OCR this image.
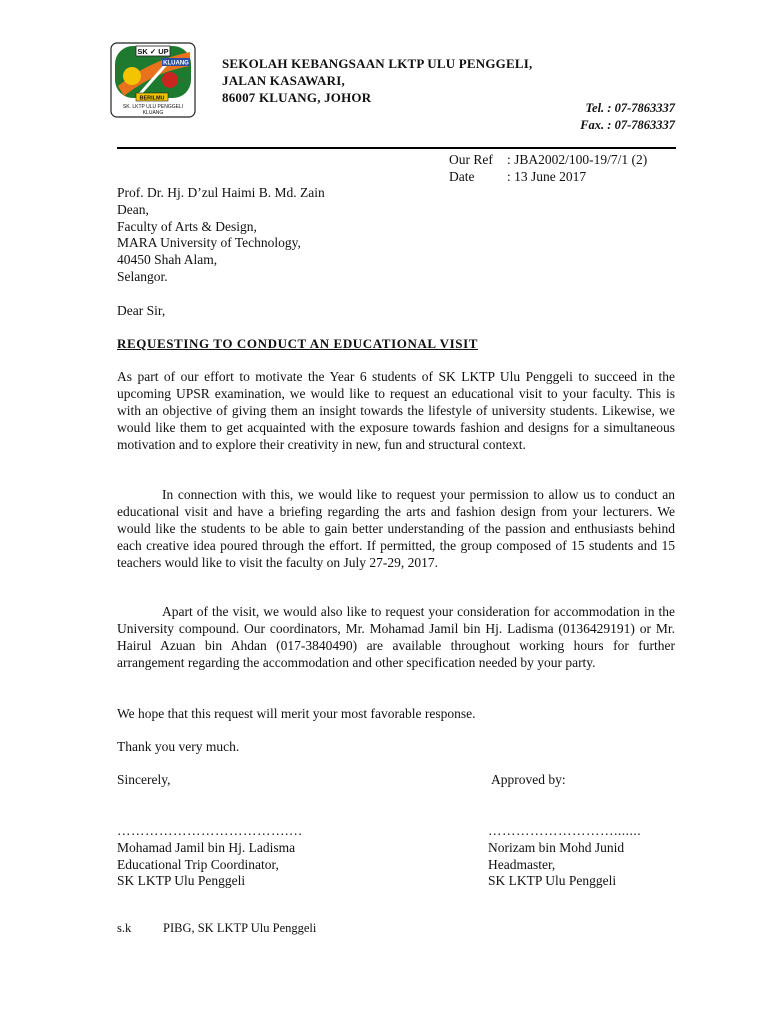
SK ✓ UP
KLUANG
BERILMU
SK. LKTP ULU PENGGELI
KLUANG
SEKOLAH KEBANGSAAN LKTP ULU PENGGELI,
JALAN KASAWARI,
86007 KLUANG, JOHOR
Tel. : 07-7863337
Fax. : 07-7863337
Our Ref	: JBA2002/100-19/7/1 (2)
Date	: 13 June 2017
Prof. Dr. Hj. D’zul Haimi B. Md. Zain
Dean,
Faculty of Arts & Design,
MARA University of Technology,
40450 Shah Alam,
Selangor.
Dear Sir,
REQUESTING TO CONDUCT AN EDUCATIONAL VISIT

As part of our effort to motivate the Year 6 students of SK LKTP Ulu Penggeli to succeed in the upcoming UPSR examination, we would like to request an educational visit to your faculty. This is with an objective of giving them an insight towards the lifestyle of university students. Likewise, we would like them to get acquainted with the exposure towards fashion and designs for a simultaneous motivation and to explore their creativity in new, fun and structural context.

In connection with this, we would like to request your permission to allow us to conduct an educational visit and have a briefing regarding the arts and fashion design from your lecturers. We would like the students to be able to gain better understanding of the passion and enthusiasts behind each creative idea poured through the effort. If permitted, the group composed of 15 students and 15 teachers would like to visit the faculty on July 27-29, 2017.

Apart of the visit, we would also like to request your consideration for accommodation in the University compound. Our coordinators, Mr. Mohamad Jamil bin Hj. Ladisma (0136429191) or Mr. Hairul Azuan bin Ahdan (017-3840490) are available throughout working hours for further arrangement regarding the accommodation and other specification needed by your party.

We hope that this request will merit your most favorable response.
Thank you very much.
Sincerely,	Approved by:
……………………………….…
Mohamad Jamil bin Hj. Ladisma
Educational Trip Coordinator,
SK LKTP Ulu Penggeli
……………………….......
Norizam bin Mohd Junid
Headmaster,
SK LKTP Ulu Penggeli
s.k	PIBG, SK LKTP Ulu Penggeli
